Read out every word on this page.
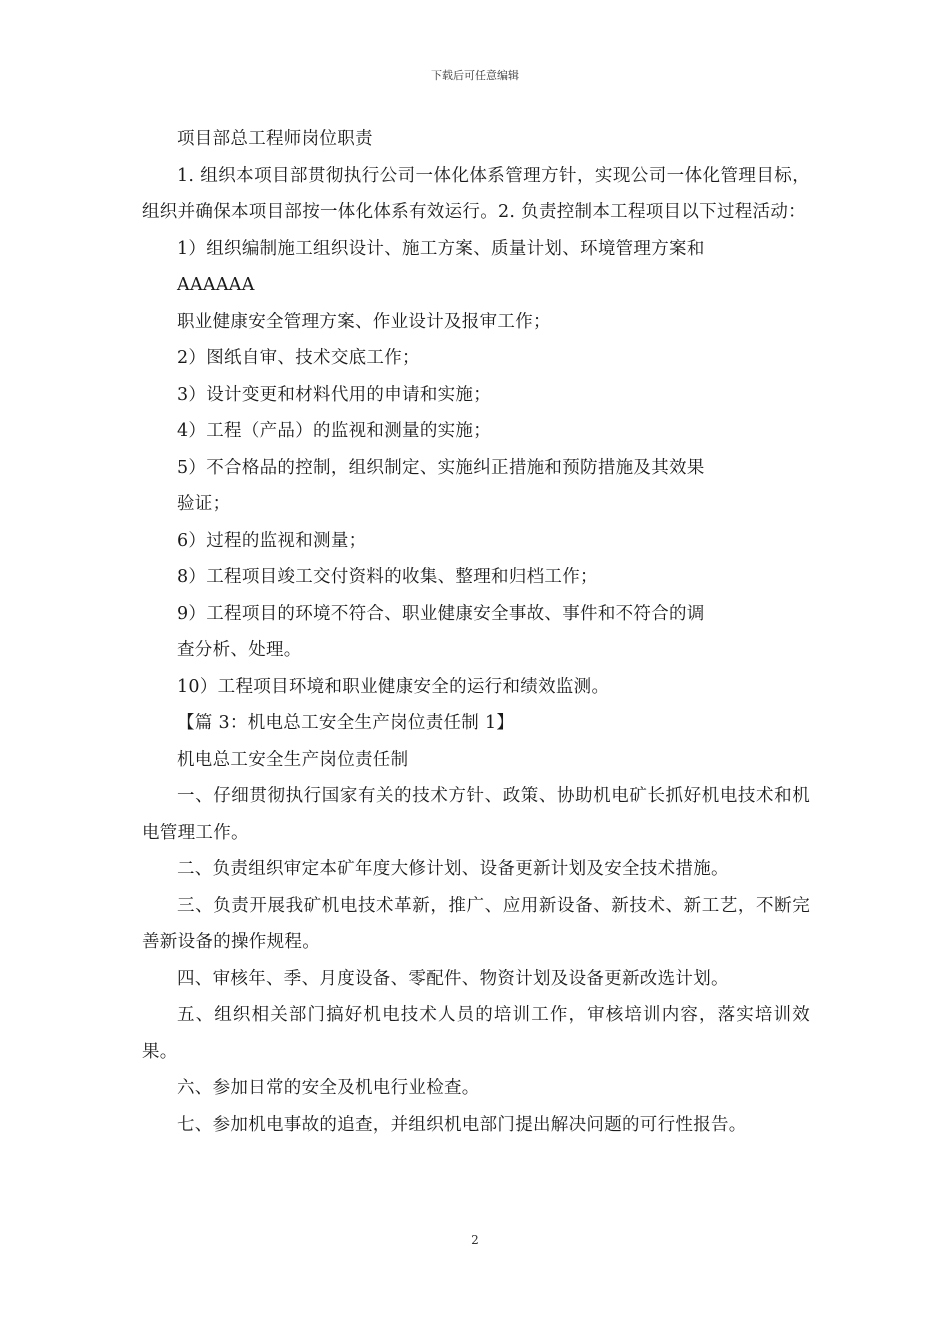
下载后可任意编辑

项目部总工程师岗位职责

1. 组织本项目部贯彻执行公司一体化体系管理方针，实现公司一体化管理目标，组织并确保本项目部按一体化体系有效运行。2. 负责控制本工程项目以下过程活动：

1）组织编制施工组织设计、施工方案、质量计划、环境管理方案和

AAAAAA

职业健康安全管理方案、作业设计及报审工作；

2）图纸自审、技术交底工作；

3）设计变更和材料代用的申请和实施；

4）工程（产品）的监视和测量的实施；

5）不合格品的控制，组织制定、实施纠正措施和预防措施及其效果

验证；

6）过程的监视和测量；

8）工程项目竣工交付资料的收集、整理和归档工作；

9）工程项目的环境不符合、职业健康安全事故、事件和不符合的调

查分析、处理。

10）工程项目环境和职业健康安全的运行和绩效监测。

【篇 3：机电总工安全生产岗位责任制 1】

机电总工安全生产岗位责任制

一、仔细贯彻执行国家有关的技术方针、政策、协助机电矿长抓好机电技术和机电管理工作。

二、负责组织审定本矿年度大修计划、设备更新计划及安全技术措施。

三、负责开展我矿机电技术革新，推广、应用新设备、新技术、新工艺，不断完善新设备的操作规程。

四、审核年、季、月度设备、零配件、物资计划及设备更新改选计划。

五、组织相关部门搞好机电技术人员的培训工作，审核培训内容，落实培训效果。

六、参加日常的安全及机电行业检查。

七、参加机电事故的追查，并组织机电部门提出解决问题的可行性报告。

2
